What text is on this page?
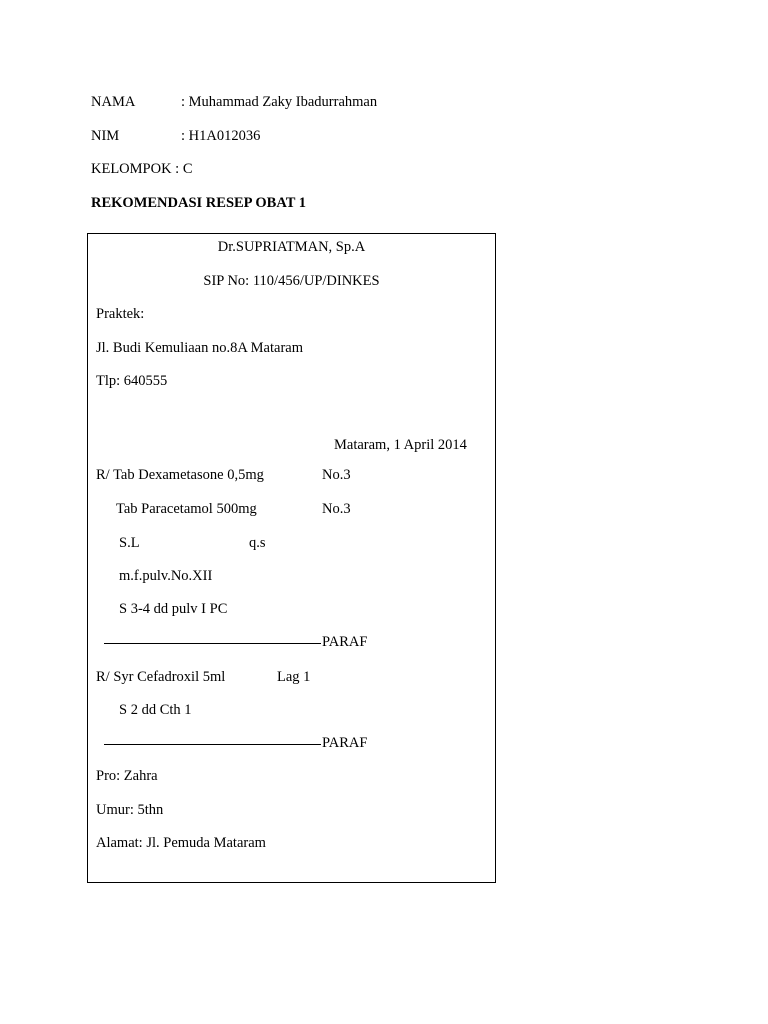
NAMA	: Muhammad Zaky Ibadurrahman
NIM	: H1A012036
KELOMPOK : C
REKOMENDASI RESEP OBAT 1
Dr.SUPRIATMAN, Sp.A
SIP No: 110/456/UP/DINKES
Praktek:
Jl. Budi Kemuliaan no.8A Mataram
Tlp: 640555
Mataram, 1 April 2014
R/ Tab Dexametasone 0,5mg	No.3
Tab Paracetamol 500mg	No.3
S.L	q.s
m.f.pulv.No.XII
S 3-4 dd pulv I PC
PARAF
R/ Syr Cefadroxil 5ml	Lag 1
S 2 dd Cth 1
PARAF
Pro: Zahra
Umur: 5thn
Alamat: Jl. Pemuda Mataram
